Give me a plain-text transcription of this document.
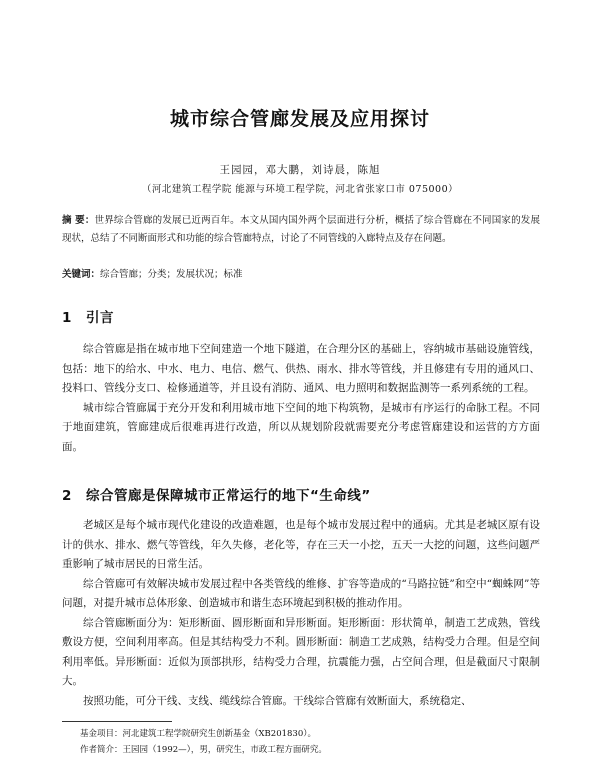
城市综合管廊发展及应用探讨
王园园，邓大鹏，刘诗晨，陈旭
（河北建筑工程学院 能源与环境工程学院，河北省张家口市 075000）
摘 要：世界综合管廊的发展已近两百年。本文从国内国外两个层面进行分析，概括了综合管廊在不同国家的发展现状，总结了不同断面形式和功能的综合管廊特点，讨论了不同管线的入廊特点及存在问题。
关键词：综合管廊；分类；发展状况；标准
1 引言

综合管廊是指在城市地下空间建造一个地下隧道，在合理分区的基础上，容纳城市基础设施管线，包括：地下的给水、中水、电力、电信、燃气、供热、雨水、排水等管线，并且修建有专用的通风口、投料口、管线分支口、检修通道等，并且设有消防、通风、电力照明和数据监测等一系列系统的工程。

城市综合管廊属于充分开发和利用城市地下空间的地下构筑物，是城市有序运行的命脉工程。不同于地面建筑，管廊建成后很难再进行改造，所以从规划阶段就需要充分考虑管廊建设和运营的方方面面。

2 综合管廊是保障城市正常运行的地下“生命线”

老城区是每个城市现代化建设的改造难题，也是每个城市发展过程中的通病。尤其是老城区原有设计的供水、排水、燃气等管线，年久失修，老化等，存在三天一小挖，五天一大挖的问题，这些问题严重影响了城市居民的日常生活。

综合管廊可有效解决城市发展过程中各类管线的维修、扩容等造成的“马路拉链”和空中“蜘蛛网”等问题，对提升城市总体形象、创造城市和谐生态环境起到积极的推动作用。

综合管廊断面分为：矩形断面、圆形断面和异形断面。矩形断面：形状简单，制造工艺成熟，管线敷设方便，空间利用率高。但是其结构受力不利。圆形断面：制造工艺成熟，结构受力合理。但是空间利用率低。异形断面：近似为顶部拱形，结构受力合理，抗震能力强，占空间合理，但是截面尺寸限制大。

按照功能，可分干线、支线、缆线综合管廊。干线综合管廊有效断面大，系统稳定、

基金项目：河北建筑工程学院研究生创新基金（XB201830）。
作者简介：王园园（1992—），男，研究生，市政工程方面研究。
